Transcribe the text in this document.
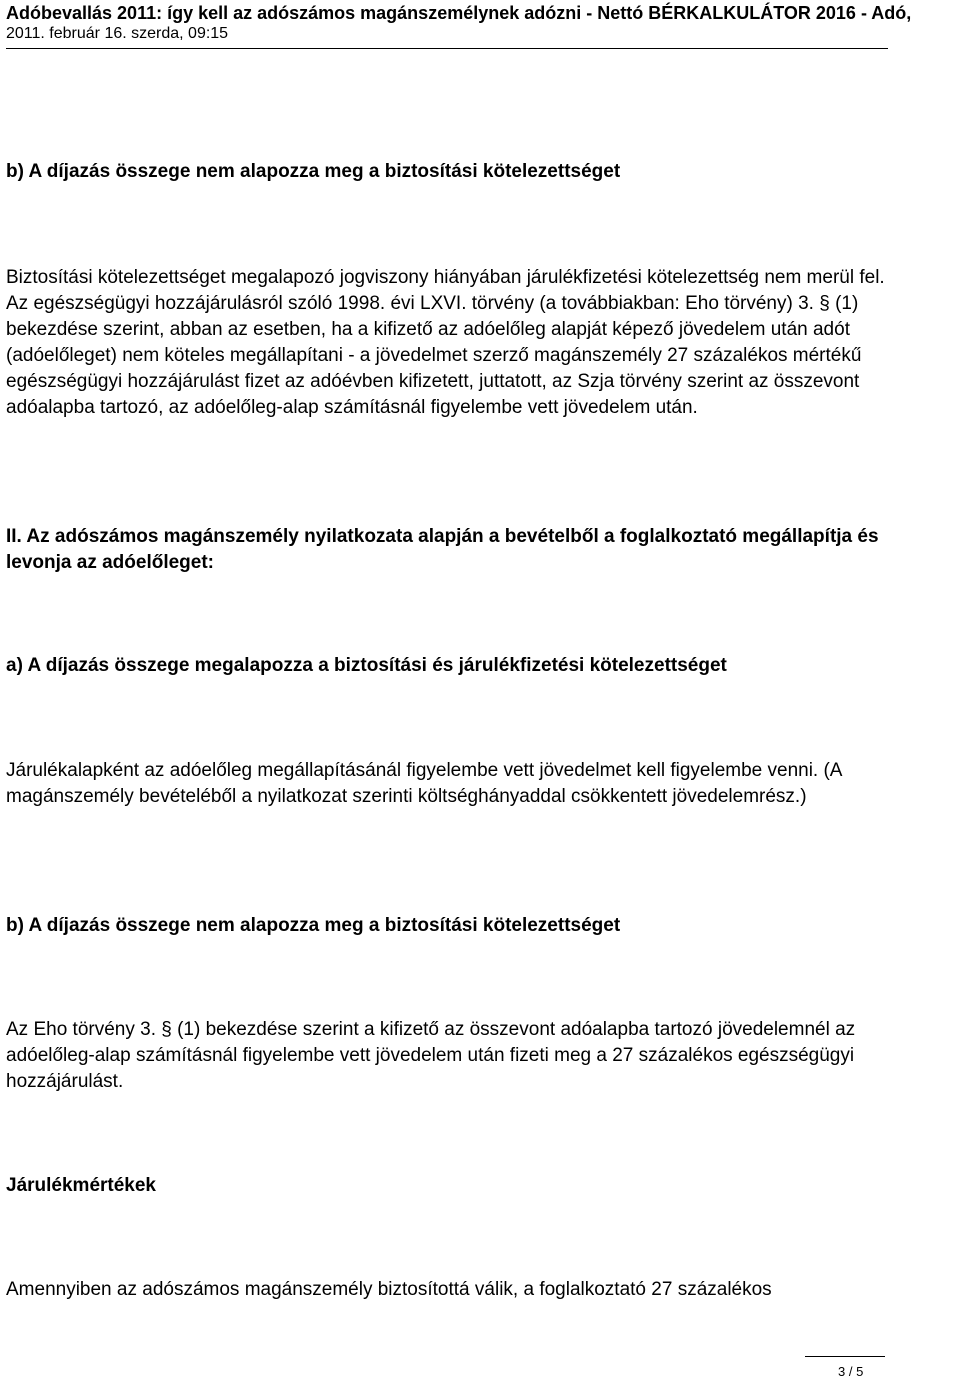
Adóbevallás 2011: így kell az adószámos magánszemélynek adózni - Nettó BÉRKALKULÁTOR 2016 - Adó,
2011. február 16. szerda, 09:15

b) A díjazás összege nem alapozza meg a biztosítási kötelezettséget

Biztosítási kötelezettséget megalapozó jogviszony hiányában járulékfizetési kötelezettség nem merül fel. Az egészségügyi hozzájárulásról szóló 1998. évi LXVI. törvény (a továbbiakban: Eho törvény) 3. § (1) bekezdése szerint, abban az esetben, ha a kifizető az adóelőleg alapját képező jövedelem után adót (adóelőleget) nem köteles megállapítani - a jövedelmet szerző magánszemély 27 százalékos mértékű egészségügyi hozzájárulást fizet az adóévben kifizetett, juttatott, az Szja törvény szerint az összevont adóalapba tartozó, az adóelőleg-alap számításnál figyelembe vett jövedelem után.

II. Az adószámos magánszemély nyilatkozata alapján a bevételből a foglalkoztató megállapítja és levonja az adóelőleget:

a) A díjazás összege megalapozza a biztosítási és járulékfizetési kötelezettséget

Járulékalapként az adóelőleg megállapításánál figyelembe vett jövedelmet kell figyelembe venni. (A magánszemély bevételéből a nyilatkozat szerinti költséghányaddal csökkentett jövedelemrész.)

b) A díjazás összege nem alapozza meg a biztosítási kötelezettséget

Az Eho törvény 3. § (1) bekezdése szerint a kifizető az összevont adóalapba tartozó jövedelemnél az adóelőleg-alap számításnál figyelembe vett jövedelem után fizeti meg a 27 százalékos egészségügyi hozzájárulást.

Járulékmértékek

Amennyiben az adószámos magánszemély biztosítottá válik, a foglalkoztató 27 százalékos

3 / 5
